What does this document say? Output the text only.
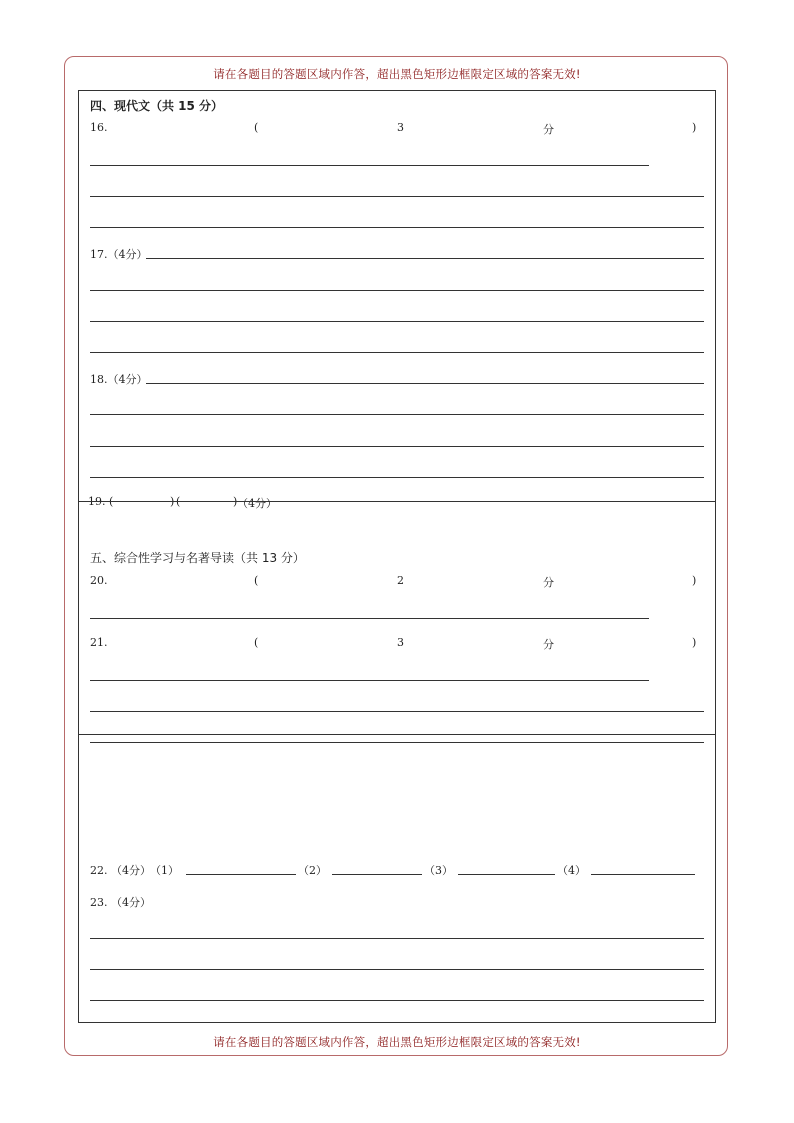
请在各题目的答题区域内作答，超出黑色矩形边框限定区域的答案无效!
请在各题目的答题区域内作答，超出黑色矩形边框限定区域的答案无效!
四、现代文（共 15 分）
16.	(	3	分	)
17.（4分）
18.（4分）
19. (	) (	) （4分）
五、综合性学习与名著导读（共 13 分）
20.	(	2	分	)
21.	(	3	分	)
22. （4分） （1）	（2）	（3）	（4）
23. （4分）
